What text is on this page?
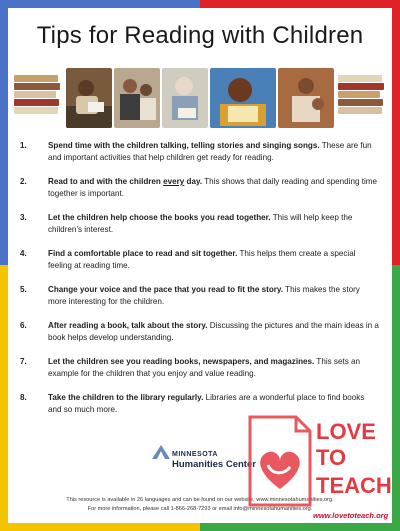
Tips for Reading with Children
1.	Spend time with the children talking, telling stories and singing songs. These are fun and important activities that help children get ready for reading.
2.	Read to and with the children every day. This shows that daily reading and spending time together is important.
3.	Let the children help choose the books you read together. This will help keep the children’s interest.
4.	Find a comfortable place to read and sit together. This helps them create a special feeling at reading time.
5.	Change your voice and the pace that you read to fit the story. This makes the story more interesting for the children.
6.	After reading a book, talk about the story. Discussing the pictures and the main ideas in a book helps develop understanding.
7.	Let the children see you reading books, newspapers, and magazines. This sets an example for the children that you enjoy and value reading.
8.	Take the children to the library regularly. Libraries are a wonderful place to find books and so much more.
MINNESOTA
Humanities Center
This resource is available in 26 languages and can be found on our website, www.minnesotahumanities.org.
For more information, please call 1-866-268-7293 or email info@minnesotahumanities.org.
LOVE
TO
TEACH
www.lovetoteach.org
